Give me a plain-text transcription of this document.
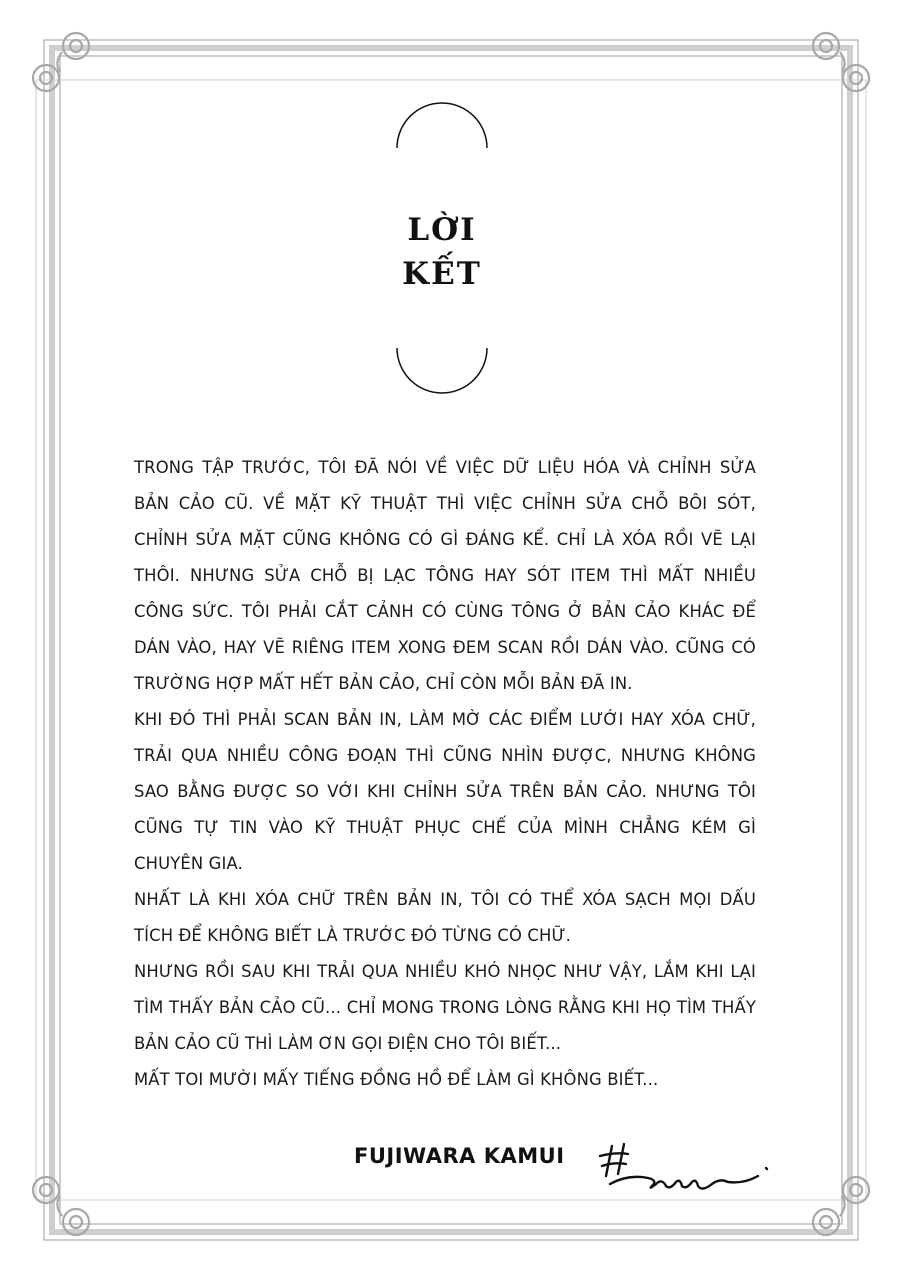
LỜI
KẾT

TRONG TẬP TRƯỚC, TÔI ĐÃ NÓI VỀ VIỆC DỮ LIỆU HÓA VÀ CHỈNH SỬA BẢN CẢO CŨ. VỀ MẶT KỸ THUẬT THÌ VIỆC CHỈNH SỬA CHỖ BÔI SÓT, CHỈNH SỬA MẶT CŨNG KHÔNG CÓ GÌ ĐÁNG KỂ. CHỈ LÀ XÓA RỒI VẼ LẠI THÔI. NHƯNG SỬA CHỖ BỊ LẠC TÔNG HAY SÓT ITEM THÌ MẤT NHIỀU CÔNG SỨC. TÔI PHẢI CẮT CẢNH CÓ CÙNG TÔNG Ở BẢN CẢO KHÁC ĐỂ DÁN VÀO, HAY VẼ RIÊNG ITEM XONG ĐEM SCAN RỒI DÁN VÀO. CŨNG CÓ TRƯỜNG HỢP MẤT HẾT BẢN CẢO, CHỈ CÒN MỖI BẢN ĐÃ IN.

KHI ĐÓ THÌ PHẢI SCAN BẢN IN, LÀM MỜ CÁC ĐIỂM LƯỚI HAY XÓA CHỮ, TRẢI QUA NHIỀU CÔNG ĐOẠN THÌ CŨNG NHÌN ĐƯỢC, NHƯNG KHÔNG SAO BẰNG ĐƯỢC SO VỚI KHI CHỈNH SỬA TRÊN BẢN CẢO. NHƯNG TÔI CŨNG TỰ TIN VÀO KỸ THUẬT PHỤC CHẾ CỦA MÌNH CHẲNG KÉM GÌ CHUYÊN GIA.

NHẤT LÀ KHI XÓA CHỮ TRÊN BẢN IN, TÔI CÓ THỂ XÓA SẠCH MỌI DẤU TÍCH ĐỂ KHÔNG BIẾT LÀ TRƯỚC ĐÓ TỪNG CÓ CHỮ.

NHƯNG RỒI SAU KHI TRẢI QUA NHIỀU KHÓ NHỌC NHƯ VẬY, LẮM KHI LẠI TÌM THẤY BẢN CẢO CŨ... CHỈ MONG TRONG LÒNG RẰNG KHI HỌ TÌM THẤY BẢN CẢO CŨ THÌ LÀM ƠN GỌI ĐIỆN CHO TÔI BIẾT...

MẤT TOI MƯỜI MẤY TIẾNG ĐỒNG HỒ ĐỂ LÀM GÌ KHÔNG BIẾT...

FUJIWARA KAMUI
